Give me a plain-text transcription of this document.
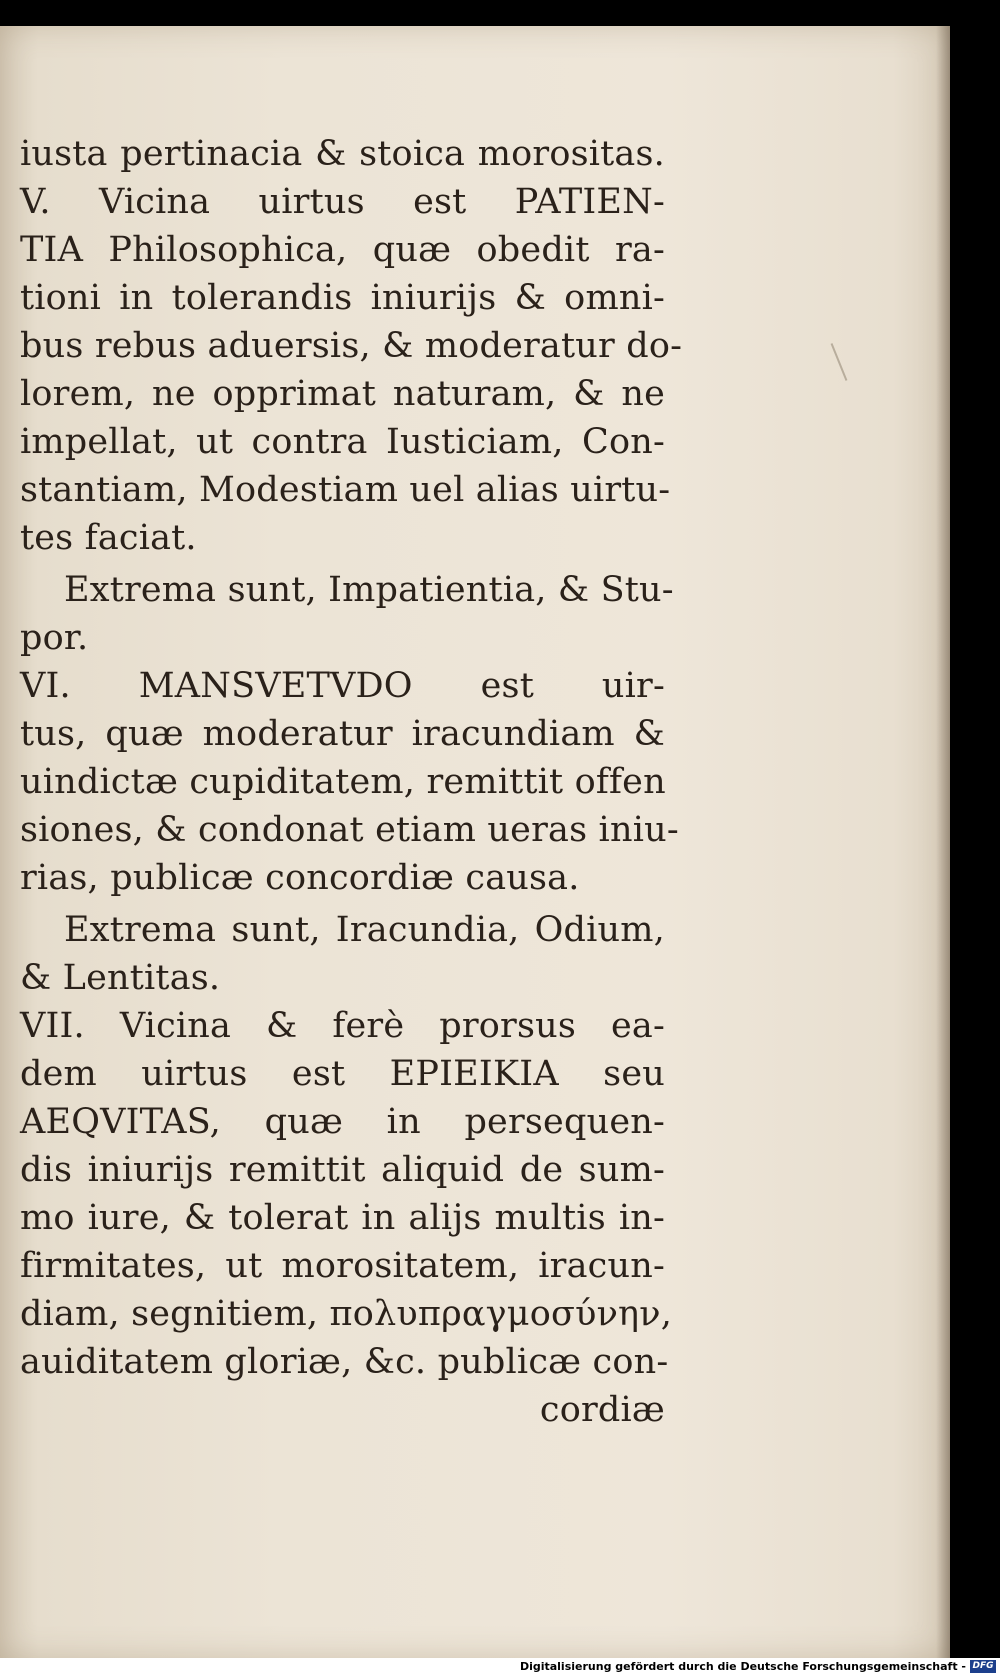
iusta pertinacia & stoica morositas.
V. Vicina uirtus est PATIEN-
TIA Philosophica, quæ obedit ra-
tioni in tolerandis iniurijs & omni-
bus rebus aduersis, & moderatur do-
lorem, ne opprimat naturam, & ne
impellat, ut contra Iusticiam, Con-
stantiam, Modestiam uel alias uirtu-
tes faciat.
Extrema sunt, Impatientia, & Stu-
por.
VI. MANSVETVDO est uir-
tus, quæ moderatur iracundiam &
uindictæ cupiditatem, remittit offen
siones, & condonat etiam ueras iniu-
rias, publicæ concordiæ causa.
Extrema sunt, Iracundia, Odium,
& Lentitas.
VII. Vicina & ferè prorsus ea-
dem uirtus est EPIEIKIA seu
AEQVITAS, quæ in persequen-
dis iniurijs remittit aliquid de sum-
mo iure, & tolerat in alijs multis in-
firmitates, ut morositatem, iracun-
diam, segnitiem, πολυπραγμοσύνην,
auiditatem gloriæ, &c. publicæ con-
cordiæ
Digitalisierung gefördert durch die Deutsche Forschungsgemeinschaft - DFG
